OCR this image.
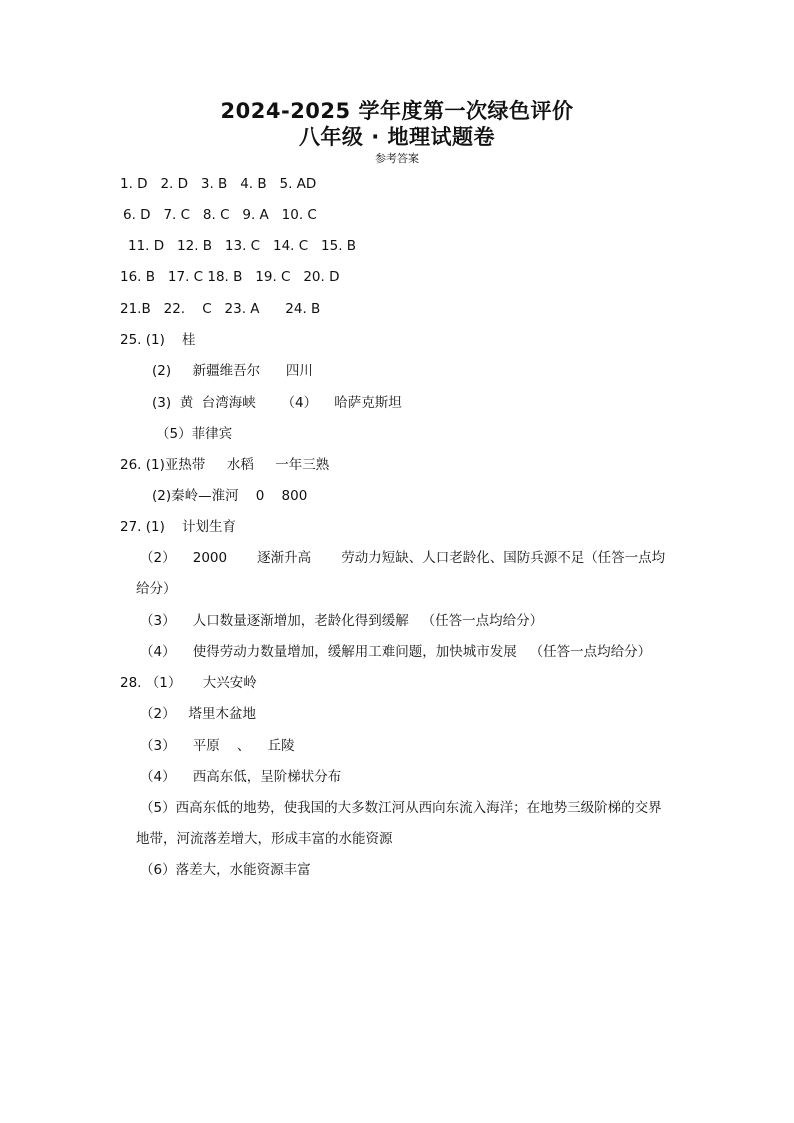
2024-2025 学年度第一次绿色评价
八年级 · 地理试题卷
参考答案
1. D   2. D   3. B   4. B   5. AD
6. D   7. C   8. C   9. A   10. C
11. D   12. B   13. C   14. C   15. B
16. B   17. C 18. B   19. C   20. D
21.B   22.    C   23. A      24. B
25. (1)    桂
(2)     新疆维吾尔      四川
(3)  黄  台湾海峡      （4）    哈萨克斯坦
（5）菲律宾
26. (1)亚热带     水稻     一年三熟
(2)秦岭—淮河    0    800
27. (1)    计划生育
（2）    2000       逐渐升高       劳动力短缺、人口老龄化、国防兵源不足（任答一点均
给分）
（3）    人口数量逐渐增加，老龄化得到缓解   （任答一点均给分）
（4）    使得劳动力数量增加，缓解用工难问题，加快城市发展   （任答一点均给分）
28. （1）     大兴安岭
（2）   塔里木盆地
（3）    平原    、    丘陵
（4）    西高东低，呈阶梯状分布
（5）西高东低的地势，使我国的大多数江河从西向东流入海洋；在地势三级阶梯的交界
地带，河流落差增大，形成丰富的水能资源
（6）落差大，水能资源丰富
